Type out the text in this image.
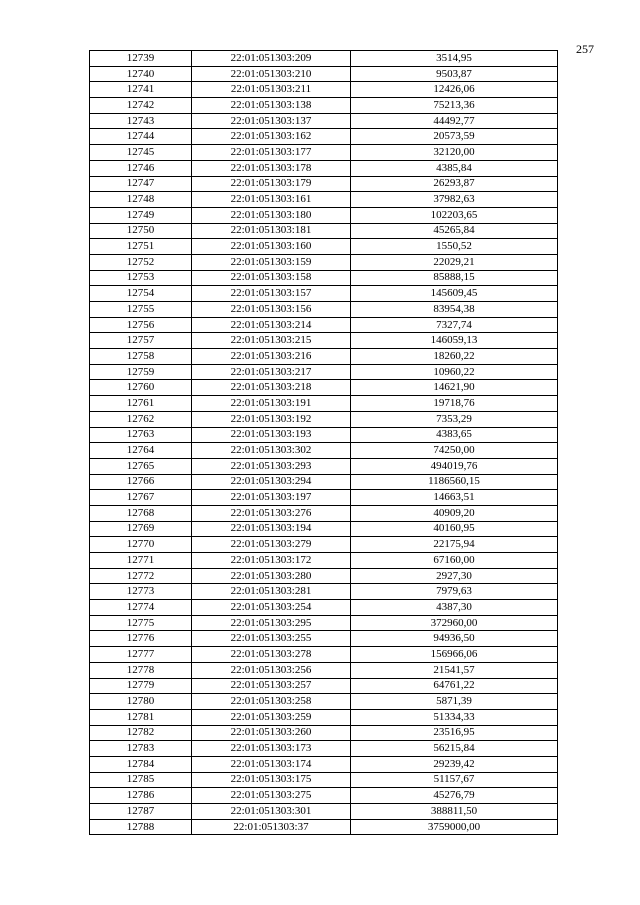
257
12739	22:01:051303:209	3514,95
12740	22:01:051303:210	9503,87
12741	22:01:051303:211	12426,06
12742	22:01:051303:138	75213,36
12743	22:01:051303:137	44492,77
12744	22:01:051303:162	20573,59
12745	22:01:051303:177	32120,00
12746	22:01:051303:178	4385,84
12747	22:01:051303:179	26293,87
12748	22:01:051303:161	37982,63
12749	22:01:051303:180	102203,65
12750	22:01:051303:181	45265,84
12751	22:01:051303:160	1550,52
12752	22:01:051303:159	22029,21
12753	22:01:051303:158	85888,15
12754	22:01:051303:157	145609,45
12755	22:01:051303:156	83954,38
12756	22:01:051303:214	7327,74
12757	22:01:051303:215	146059,13
12758	22:01:051303:216	18260,22
12759	22:01:051303:217	10960,22
12760	22:01:051303:218	14621,90
12761	22:01:051303:191	19718,76
12762	22:01:051303:192	7353,29
12763	22:01:051303:193	4383,65
12764	22:01:051303:302	74250,00
12765	22:01:051303:293	494019,76
12766	22:01:051303:294	1186560,15
12767	22:01:051303:197	14663,51
12768	22:01:051303:276	40909,20
12769	22:01:051303:194	40160,95
12770	22:01:051303:279	22175,94
12771	22:01:051303:172	67160,00
12772	22:01:051303:280	2927,30
12773	22:01:051303:281	7979,63
12774	22:01:051303:254	4387,30
12775	22:01:051303:295	372960,00
12776	22:01:051303:255	94936,50
12777	22:01:051303:278	156966,06
12778	22:01:051303:256	21541,57
12779	22:01:051303:257	64761,22
12780	22:01:051303:258	5871,39
12781	22:01:051303:259	51334,33
12782	22:01:051303:260	23516,95
12783	22:01:051303:173	56215,84
12784	22:01:051303:174	29239,42
12785	22:01:051303:175	51157,67
12786	22:01:051303:275	45276,79
12787	22:01:051303:301	388811,50
12788	22:01:051303:37	3759000,00
